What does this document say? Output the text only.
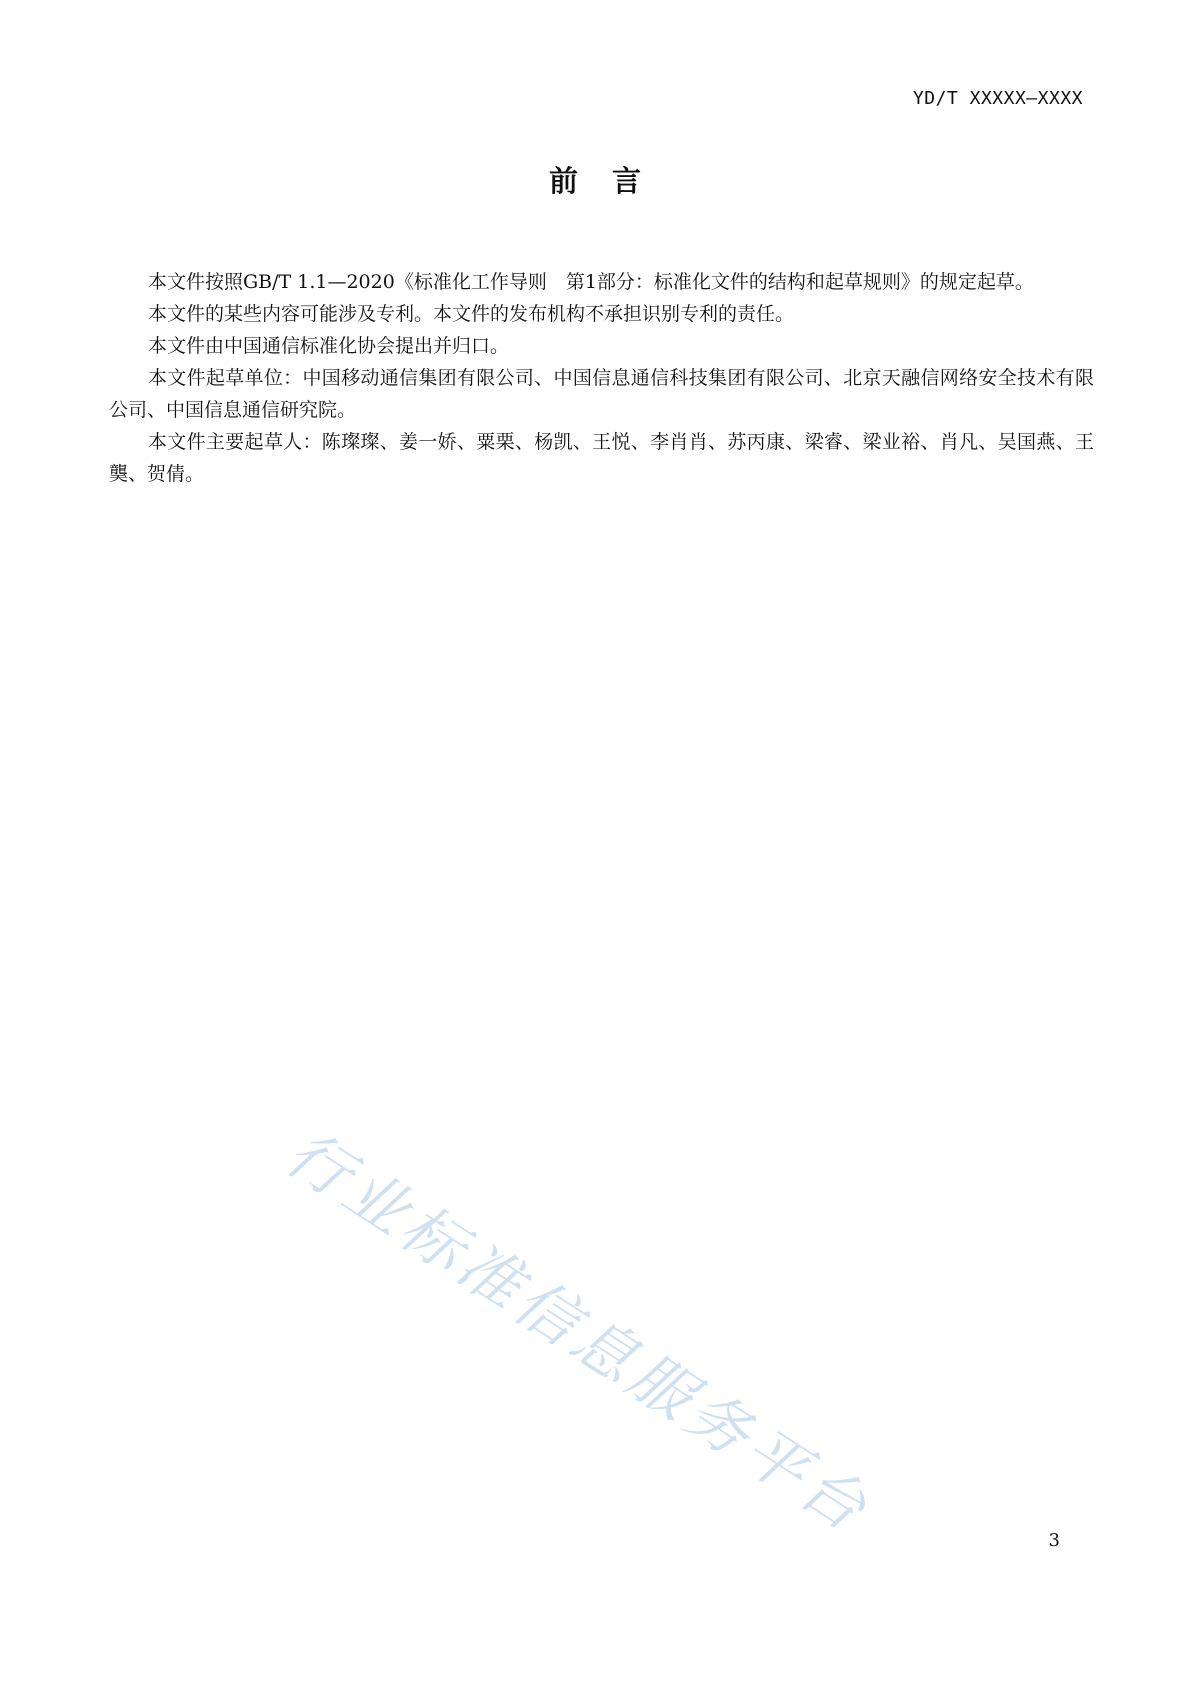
YD/T XXXXX—XXXX
前言

本文件按照GB/T 1.1—2020《标准化工作导则　第1部分：标准化文件的结构和起草规则》的规定起草。

本文件的某些内容可能涉及专利。本文件的发布机构不承担识别专利的责任。

本文件由中国通信标准化协会提出并归口。

本文件起草单位：中国移动通信集团有限公司、中国信息通信科技集团有限公司、北京天融信网络安全技术有限公司、中国信息通信研究院。

本文件主要起草人：陈璨璨、姜一娇、粟栗、杨凯、王悦、李肖肖、苏丙康、梁睿、梁业裕、肖凡、吴国燕、王龑、贺倩。

行业标准信息服务平台	3
